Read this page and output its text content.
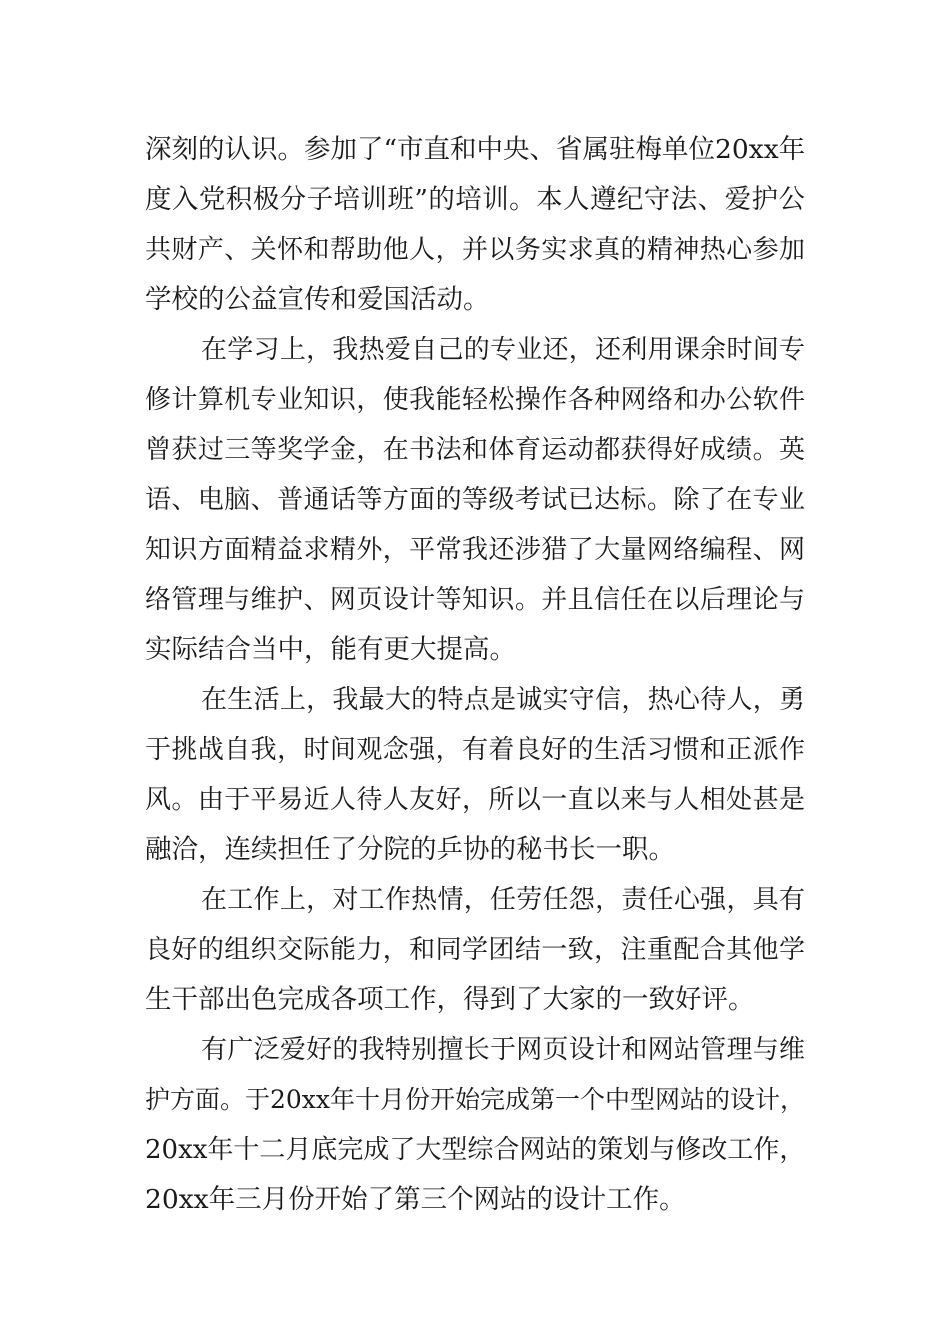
深刻的认识。参加了“市直和中央、省属驻梅单位20xx年
度入党积极分子培训班”的培训。本人遵纪守法、爱护公
共财产、关怀和帮助他人，并以务实求真的精神热心参加
学校的公益宣传和爱国活动。
在学习上，我热爱自己的专业还，还利用课余时间专
修计算机专业知识，使我能轻松操作各种网络和办公软件
曾获过三等奖学金，在书法和体育运动都获得好成绩。英
语、电脑、普通话等方面的等级考试已达标。除了在专业
知识方面精益求精外，平常我还涉猎了大量网络编程、网
络管理与维护、网页设计等知识。并且信任在以后理论与
实际结合当中，能有更大提高。
在生活上，我最大的特点是诚实守信，热心待人，勇
于挑战自我，时间观念强，有着良好的生活习惯和正派作
风。由于平易近人待人友好，所以一直以来与人相处甚是
融洽，连续担任了分院的乒协的秘书长一职。
在工作上，对工作热情，任劳任怨，责任心强，具有
良好的组织交际能力，和同学团结一致，注重配合其他学
生干部出色完成各项工作，得到了大家的一致好评。
有广泛爱好的我特别擅长于网页设计和网站管理与维
护方面。于20xx年十月份开始完成第一个中型网站的设计，
20xx年十二月底完成了大型综合网站的策划与修改工作，
20xx年三月份开始了第三个网站的设计工作。
